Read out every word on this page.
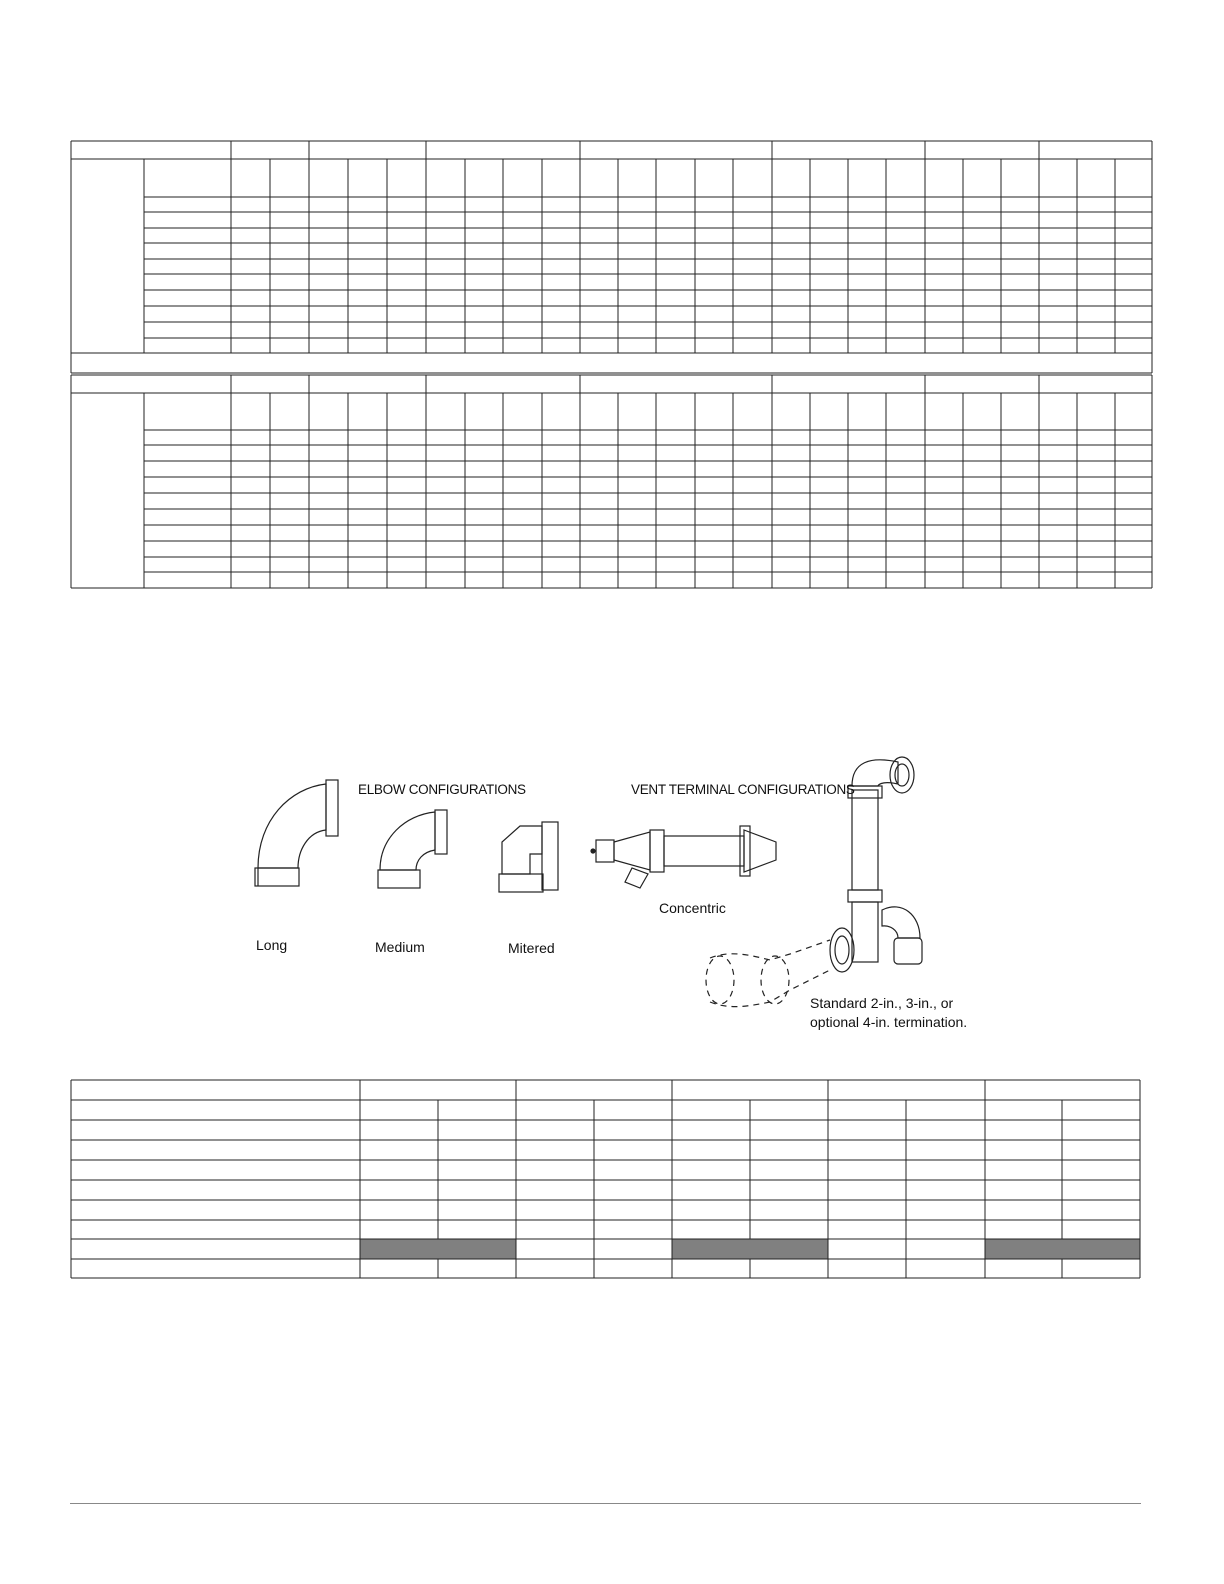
ELBOW CONFIGURATIONS	VENT TERMINAL CONFIGURATIONS
Long	Medium	Mitered
Concentric
Standard 2-in., 3-in., or
optional 4-in. termination.
